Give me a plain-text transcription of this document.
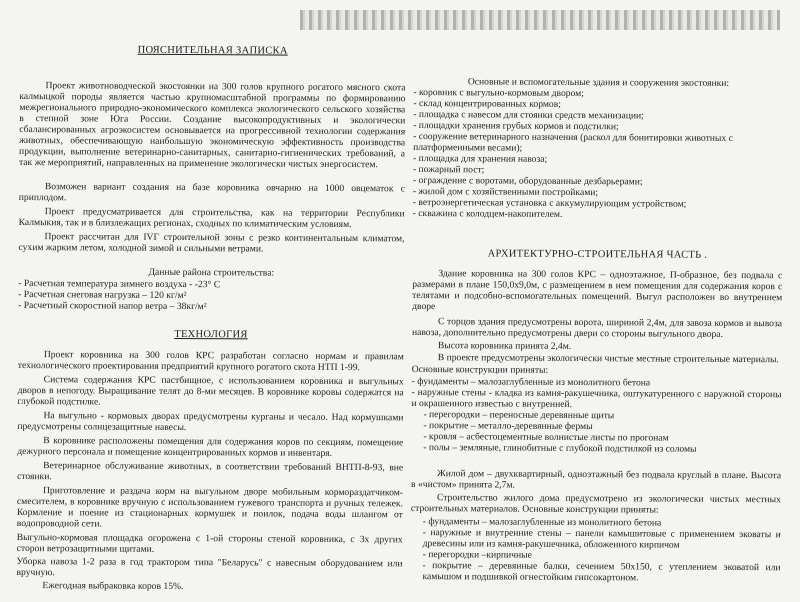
ПОЯСНИТЕЛЬНАЯ ЗАПИСКА

Проект животноводческой экостоянки на 300 голов крупного рогатого мясного скота калмыцкой породы является частью крупномасштабной программы по формированию межрегионального природно-экономического комплекса экологического сельского хозяйства в степной зоне Юга России. Создание высокопродуктивных и экологически сбалансированных агроэкосистем основывается на прогрессивной технологии содержания животных, обеспечивающую наибольшую экономическую эффективность производства продукции, выполнение ветеринарно-санитарных, санитарно-гигиенических требований, а так же мероприятий, направленных на применение экологически чистых энергосистем.

Возможен вариант создания на базе коровника овчарню на 1000 овцематок с приплодом.

Проект предусматривается для строительства, как на территории Республики Калмыкия, так и в близлежащих регионах, сходных по климатическим условиям.

Проект рассчитан для IVГ строительной зоны с резко континентальным климатом, сухим жарким летом, холодной зимой и сильными ветрами.

Данные района строительства:

- Расчетная температура зимнего воздуха - -23° С
- Расчетная снеговая нагрузка – 120 кг/м²
- Расчетный скоростной напор ветра – 38кг/м²

ТЕХНОЛОГИЯ

Проект коровника на 300 голов КРС разработан согласно нормам и правилам технологического проектирования предприятий крупного рогатого скота НТП 1-99.

Система содержания КРС пастбищное, с использованием коровника и выгульных дворов в непогоду. Выращивание телят до 8-ми месяцев. В коровнике коровы содержатся на глубокой подстилке.

На выгульно - кормовых дворах предусмотрены курганы и чесало. Над кормушками предусмотрены солнцезащитные навесы.

В коровнике расположены помещения для содержания коров по секциям, помещение дежурного персонала и помещение концентрированных кормов и инвентаря.

Ветеринарное обслуживание животных, в соответствии требований ВНТП-8-93, вне стоянки.

Приготовление и раздача корм на выгульном дворе мобильным кормораздатчиком-смесителем, в коровнике вручную с использованием гужевого транспорта и ручных тележек. Кормление и поение из стационарных кормушек и поилок, подача воды шлангом от водопроводной сети.

Выгульно-кормовая площадка огорожена с 1-ой стороны стеной коровника, с 3х других сторон ветрозащитными щитами.

Уборка навоза 1-2 раза в год трактором типа "Беларусь" с навесным оборудованием или вручную.

Ежегодная выбраковка коров 15%.

Основные и вспомогательные здания и сооружения экостоянки:

- коровник с выгульно-кормовым двором;
- склад концентрированных кормов;
- площадка с навесом для стоянки средств механизации;
- площадки хранения грубых кормов и подстилки;
- сооружение ветеринарного назначения (раскол для бонитировки животных с платформенными весами);
- площадка для хранения навоза;
- пожарный пост;
- ограждение с воротами, оборудованные дезбарьерами;
- жилой дом с хозяйственными постройками;
- ветроэнергетическая установка с аккумулирующим устройством;
- скважина с колодцем-накопителем.

АРХИТЕКТУРНО-СТРОИТЕЛЬНАЯ ЧАСТЬ .

Здание коровника на 300 голов КРС – одноэтажное, П-образное, без подвала с размерами в плане 150,0х9,0м, с размещением в нем помещения для содержания коров с телятами и подсобно-вспомогательных помещений. Выгул расположен во внутреннем дворе

С торцов здания предусмотрены ворота, шириной 2,4м, для завоза кормов и вывоза навоза, дополнительно предусмотрены двери со стороны выгульного двора.

Высота коровника принята 2,4м.

В проекте предусмотрены экологически чистые местные строительные материалы.

Основные конструкции приняты:

- фундаменты – малозаглубленные из монолитного бетона
- наружные стены - кладка из камня-ракушечника, оштукатуренного с наружной стороны и окрашенного известью с внутренней.
- перегородки – переносные деревянные щиты
- покрытие – металло-деревянные фермы
- кровля – асбестоцементные волнистые листы по прогонам
- полы – земляные, глинобитные с глубокой подстилкой из соломы

Жилой дом – двухквартирный, одноэтажный без подвала круглый в плане. Высота в «чистом» принята 2,7м.

Строительство жилого дома предусмотрено из экологически чистых местных строительных материалов. Основные конструкции приняты:

- фундаменты – малозаглубленные из монолитного бетона
- наружные и внутренние стены – панели камышитовые с применением эковаты и древесины или из камня-ракушечника, обложенного кирпичом
- перегородки –кирпичные
- покрытие – деревянные балки, сечением 50х150, с утеплением эковатой или камышом и подшивкой огнестойким гипсокартоном.
